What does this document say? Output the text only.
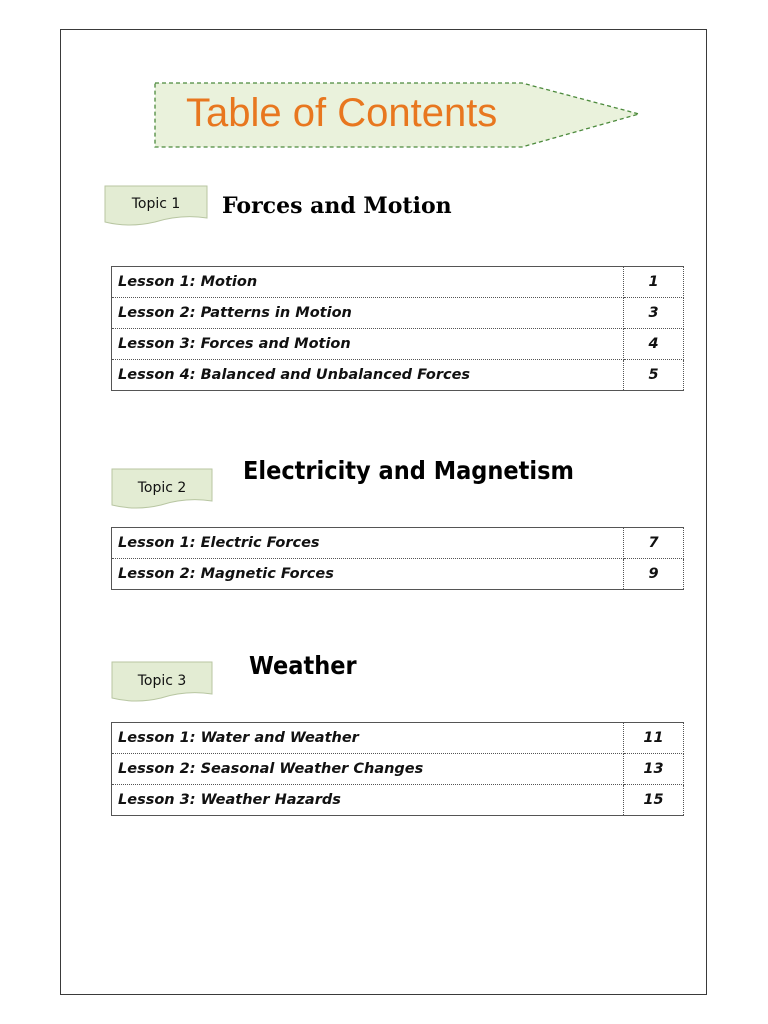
Table of Contents
Topic 1	Forces and Motion
Lesson 1: Motion	1
Lesson 2: Patterns in Motion	3
Lesson 3: Forces and Motion	4
Lesson 4: Balanced and Unbalanced Forces	5
Topic 2
Electricity and Magnetism
Lesson 1: Electric Forces	7
Lesson 2: Magnetic Forces	9
Topic 3
Weather
Lesson 1: Water and Weather	11
Lesson 2: Seasonal Weather Changes	13
Lesson 3: Weather Hazards	15
